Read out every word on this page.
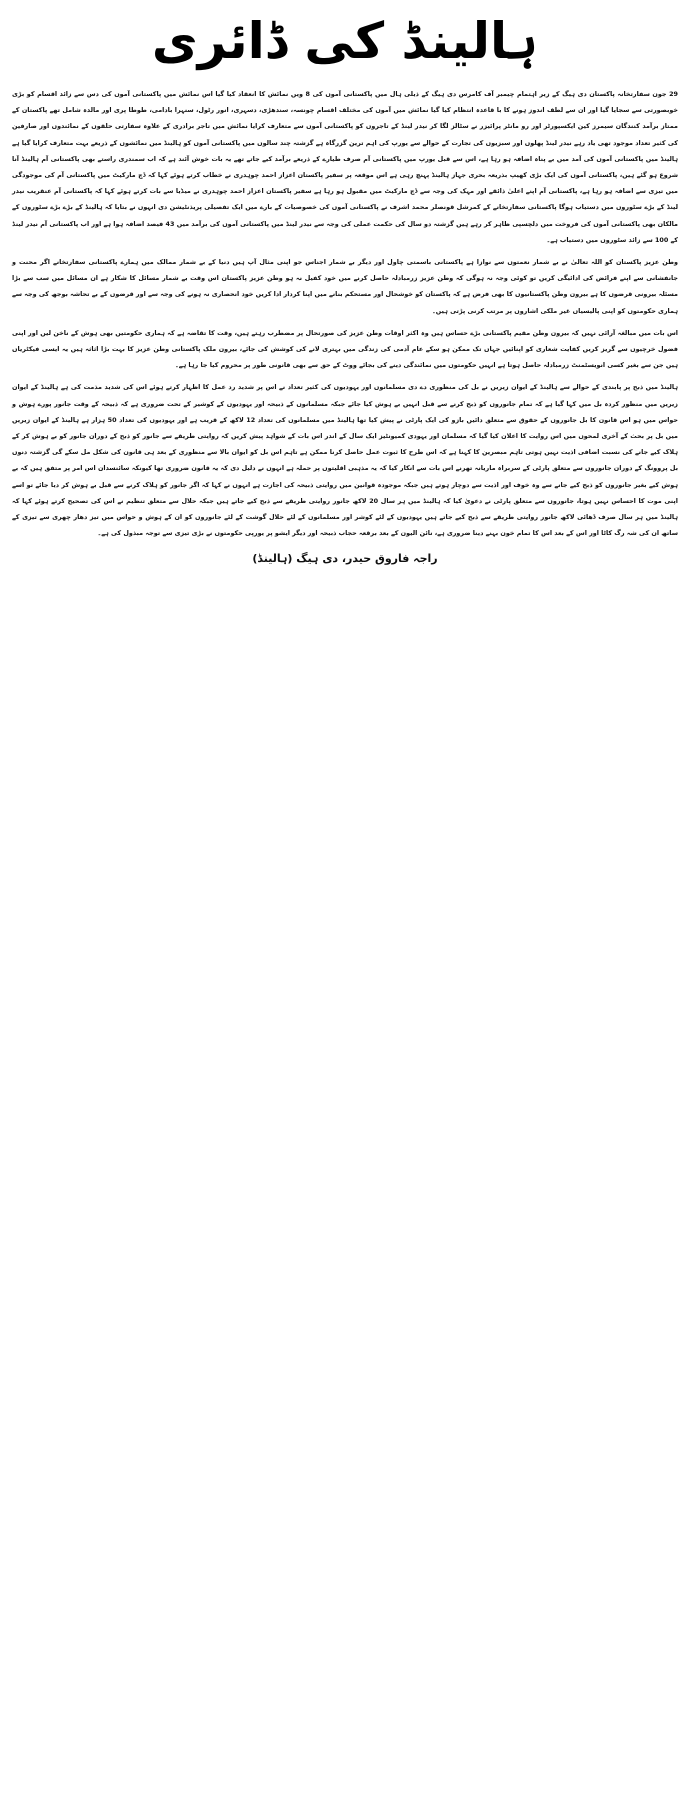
ہالینڈ کی ڈائری

29 جون سفارتخانہ پاکستان دی ہیگ کے زیر اہتمام چیمبر آف کامرس دی ہیگ کے ذیلی ہال میں پاکستانی آموں کی 8 ویں نمائش کا انعقاد کیا گیا اس نمائش میں پاکستانی آموں کی دس سے زائد اقسام کو بڑی خوبصورتی سے سجایا گیا اور ان سے لطف اندوز ہونے کا با قاعدہ انتظام کیا گیا نمائش میں آموں کی مختلف اقسام چونسہ، سندھڑی، دسہری، انور رٹول، سنہرا بادامی، طوطا پری اور مالدہ شامل تھے پاکستان کے ممتاز برآمد کنندگان سیمرز کین ایکسپورٹر اور رو مانٹر پرائیزر نے سٹالز لگا کر نیدر لینڈ کے تاجروں کو پاکستانی آموں سے متعارف کرایا نمائش میں تاجر برادری کے علاوہ سفارتی حلقوں کے نمائندوں اور صارفین کی کثیر تعداد موجود تھی یاد رہے نیدر لینڈ پھلوں اور سبزیوں کی تجارت کے حوالے سے یورپ کی اہم ترین گزرگاہ ہے گزشتہ چند سالوں میں پاکستانی آموں کو ہالینڈ میں نمائشوں کے ذریعے بہت متعارف کرایا گیا ہے ہالینڈ میں پاکستانی آموں کی آمد میں بے پناہ اضافہ ہو رہا ہے، اس سے قبل یورپ میں پاکستانی آم صرف طیارے کے ذریعے برآمد کیے جاتے تھے یہ بات خوش آئند ہے کہ اب سمندری راستے بھی پاکستانی آم ہالینڈ آنا شروع ہو گئے ہیں، پاکستانی آموں کی ایک بڑی کھیپ بذریعہ بحری جہاز ہالینڈ پہنچ رہی ہے اس موقعہ پر سفیر پاکستان اعزاز احمد چوہدری نے خطاب کرتے ہوئے کہا کہ ڈچ مارکیٹ میں پاکستانی آم کی موجودگی میں تیزی سے اضافہ ہو رہا ہے، پاکستانی آم اپنے اعلیٰ ذائقے اور مہک کی وجہ سے ڈچ مارکیٹ میں مقبول ہو رہا ہے سفیر پاکستان اعزاز احمد چوہدری نے میڈیا سے بات کرتے ہوئے کہا کہ پاکستانی آم عنقریب نیدر لینڈ کے بڑے سٹوروں میں دستیاب ہوگا پاکستانی سفارتخانے کے کمرشل قونصلر محمد اشرف نے پاکستانی آموں کی خصوصیات کے بارے میں ایک تفصیلی پریذنٹیشن دی انہوں نے بتایا کہ ہالینڈ کے بڑے بڑے سٹوروں کے مالکان بھی پاکستانی آموں کی فروخت میں دلچسپی ظاہر کر رہے ہیں گزشتہ دو سال کی حکمت عملی کی وجہ سے نیدر لینڈ میں پاکستانی آموں کی برآمد میں 43 فیصد اضافہ ہوا ہے اور اب پاکستانی آم نیدر لینڈ کے 100 سے زائد سٹوروں میں دستیاب ہے۔

وطن عزیز پاکستان کو اللہ تعالیٰ نے بے شمار نعمتوں سے نوازا ہے پاکستانی باسمتی چاول اور دیگر بے شمار اجناس جو اپنی مثال آپ ہیں دنیا کے بے شمار ممالک میں ہمارے پاکستانی سفارتخانے اگر محنت و جانفشانی سے اپنے فرائض کی ادائیگی کریں تو کوئی وجہ نہ ہوگی کہ وطن عزیز زرمبادلہ حاصل کرنے میں خود کفیل نہ ہو وطن عزیز پاکستان اس وقت بے شمار مسائل کا شکار ہے ان مسائل میں سب سے بڑا مسئلہ بیرونی قرضوں کا ہے بیرون وطن پاکستانیوں کا بھی فرض ہے کہ پاکستان کو خوشحال اور مستحکم بنانے میں اپنا کردار ادا کریں خود انحصاری نہ ہونے کی وجہ سے اور قرضوں کے بے تحاشہ بوجھ کی وجہ سے ہماری حکومتوں کو اپنی پالیسیاں غیر ملکی اشاروں پر مرتب کرنی پڑتی ہیں۔

اس بات میں مبالغہ آرائی نہیں کہ بیرون وطن مقیم پاکستانی بڑے حساس ہیں وہ اکثر اوقات وطن عزیز کی صورتحال پر مضطرب رہتے ہیں، وقت کا تقاضہ ہے کہ ہماری حکومتیں بھی ہوش کے ناخن لیں اور اپنی فضول خرچیوں سے گریز کریں کفایت شعاری کو اپنائیں جہاں تک ممکن ہو سکے عام آدمی کی زندگی میں بہتری لانے کی کوشش کی جائے، بیرون ملک پاکستانی وطن عزیز کا بہت بڑا اثاثہ ہیں یہ ایسی فیکٹریاں ہیں جن سے بغیر کسی انویسٹمنٹ زرمبادلہ حاصل ہوتا ہے انہیں حکومتوں میں نمائندگی دینے کی بجائے ووٹ کے حق سے بھی قانونی طور پر محروم کیا جا رہا ہے۔

ہالینڈ میں ذبح پر پابندی کے حوالے سے ہالینڈ کے ایوان زیریں نے بل کی منظوری دے دی مسلمانوں اور یہودیوں کی کثیر تعداد نے اس پر شدید رد عمل کا اظہار کرتے ہوئے اس کی شدید مذمت کی ہے ہالینڈ کے ایوان زیریں میں منظور کردہ بل میں کہا گیا ہے کہ تمام جانوروں کو ذبح کرنے سے قبل انہیں بے ہوش کیا جائے جبکہ مسلمانوں کے ذبیحہ اور یہودیوں کے کوشیر کے تحت ضروری ہے کہ ذبیحہ کے وقت جانور پورے ہوش و حواس میں ہو اس قانون کا بل جانوروں کے حقوق سے متعلق دائیں بازو کی ایک پارٹی نے پیش کیا تھا ہالینڈ میں مسلمانوں کی تعداد 12 لاکھ کے قریب ہے اور یہودیوں کی تعداد 50 ہزار ہے ہالینڈ کے ایوان زیریں میں بل پر بحث کے آخری لمحوں میں اس روایت کا اعلان کیا گیا کہ مسلمان اور یہودی کمیونٹیز ایک سال کے اندر اس بات کے شواہد پیش کریں کہ روایتی طریقے سے جانور کو ذبح کے دوران جانور کو بے ہوش کر کے ہلاک کیے جانے کی نسبت اضافی اذیت نہیں ہوتی تاہم مبصرین کا کہنا ہے کہ اس طرح کا ثبوت عمل حاصل کرنا ممکن ہے تاہم اس بل کو ایوان بالا سے منظوری کے بعد ہی قانون کی شکل مل سکے گی گزشتہ دنوں بل پروونگ کے دوران جانوروں سے متعلق پارٹی کے سربراہ ماریانہ تھرنے اس بات سے انکار کیا کہ یہ مذہبی اقلیتوں پر حملہ ہے انہوں نے دلیل دی کہ یہ قانون ضروری تھا کیونکہ سائنسدان اس امر پر متفق ہیں کہ بے ہوش کیے بغیر جانوروں کو ذبح کیے جانے سے وہ خوف اور اذیت سے دوچار ہوتے ہیں جبکہ موجودہ قوانین میں روایتی ذبیحہ کی اجازت ہے انہوں نے کہا کہ اگر جانور کو ہلاک کرنے سے قبل بے ہوش کر دیا جائے تو اسے اپنی موت کا احساس نہیں ہوتا، جانوروں سے متعلق پارٹی نے دعویٰ کیا کہ ہالینڈ میں ہر سال 20 لاکھ جانور روایتی طریقے سے ذبح کیے جاتے ہیں جبکہ حلال سے متعلق تنظیم نے اس کی تصحیح کرتے ہوئے کہا کہ ہالینڈ میں ہر سال صرف ڈھائی لاکھ جانور روایتی طریقے سے ذبح کیے جاتے ہیں یہودیوں کے لئے کوشر اور مسلمانوں کے لئے حلال گوشت کے لئے جانوروں کو ان کے ہوش و حواس میں تیز دھار چھری سے تیزی کے ساتھ ان کی شہ رگ کاٹا اور اس کے بعد اس کا تمام خون بہنے دینا ضروری ہے، نائن الیون کے بعد برقعہ حجاب ذبیحہ اور دیگر ایشو پر یورپی حکومتوں نے بڑی تیزی سے توجہ مبذول کی ہے۔

راجہ فاروق حیدر، دی ہیگ (ہالینڈ)
